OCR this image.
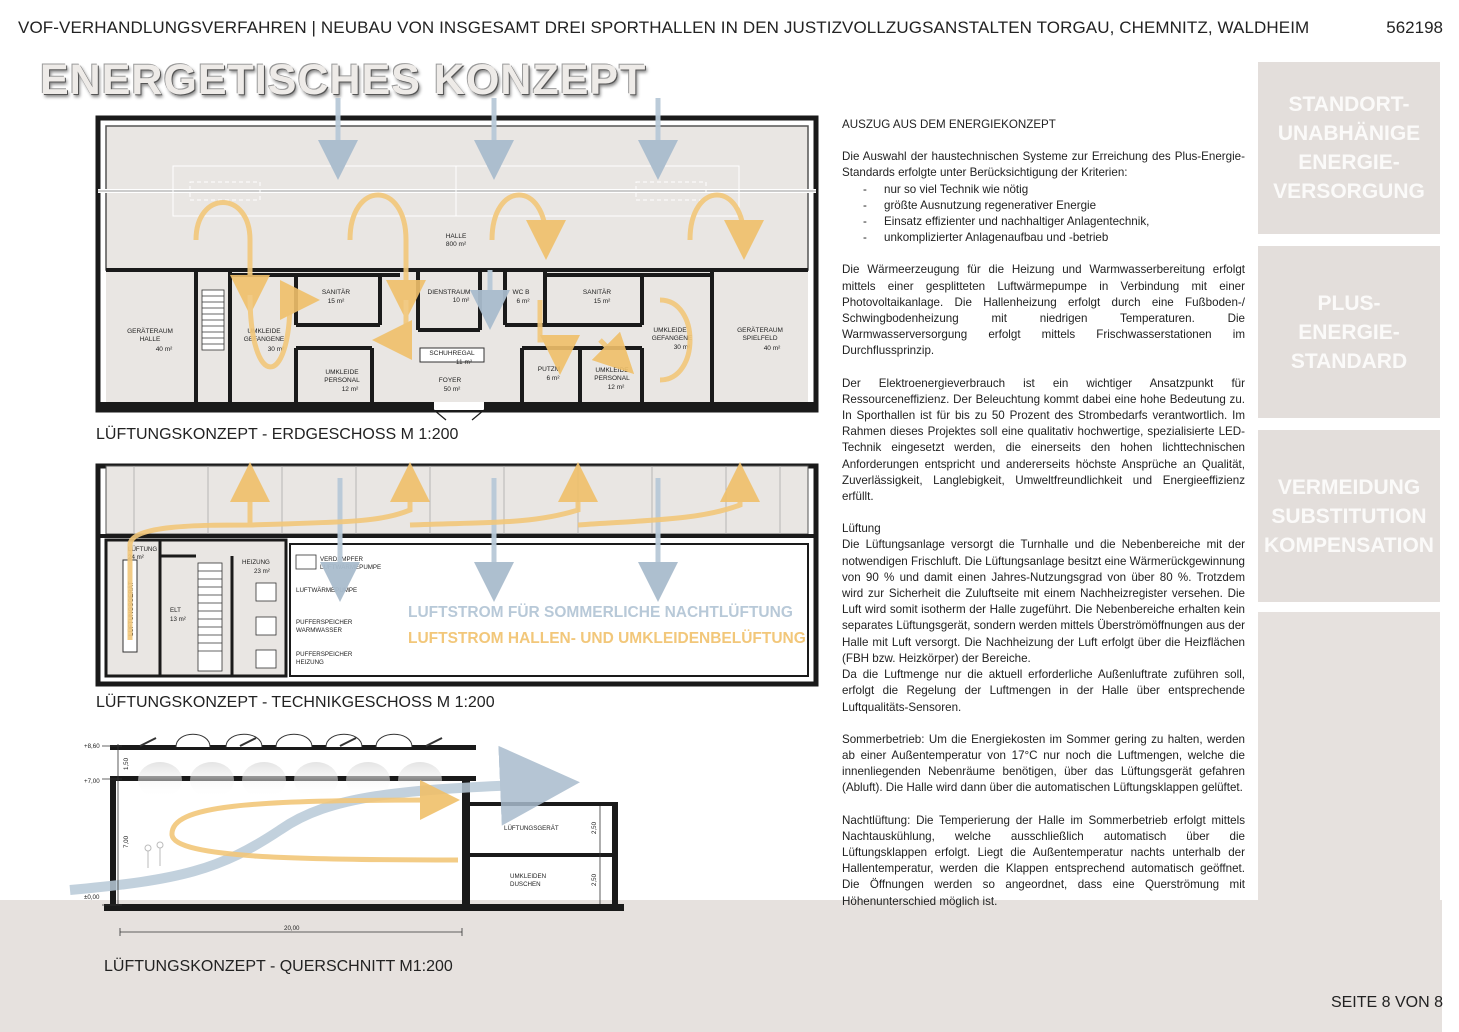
VOF-VERHANDLUNGSVERFAHREN | NEUBAU VON INSGESAMT DREI SPORTHALLEN IN DEN JUSTIZVOLLZUGSANSTALTEN TORGAU, CHEMNITZ, WALDHEIM	562198
ENERGETISCHES KONZEPT
STANDORT-
UNABHÄNIGE
ENERGIE-
VERSORGUNG
PLUS-
ENERGIE-
STANDARD
VERMEIDUNG
SUBSTITUTION
KOMPENSATION

AUSZUG AUS DEM ENERGIEKONZEPT

Die Auswahl der haustechnischen Systeme zur Erreichung des Plus-Energie-Standards erfolgte unter Berücksichtigung der Kriterien:

- nur so viel Technik wie nötig
- größte Ausnutzung regenerativer Energie
- Einsatz effizienter und nachhaltiger Anlagentechnik,
- unkomplizierter Anlagenaufbau und -betrieb

Die Wärmeerzeugung für die Heizung und Warmwasserbereitung erfolgt mittels einer gesplitteten Luftwärmepumpe in Verbindung mit einer Photovoltaikanlage. Die Hallenheizung erfolgt durch eine Fußboden-/ Schwingbodenheizung mit niedrigen Temperaturen. Die Warmwasserversorgung erfolgt mittels Frischwasserstationen im Durchflussprinzip.

Der Elektroenergieverbrauch ist ein wichtiger Ansatzpunkt für Ressourceneffizienz. Der Beleuchtung kommt dabei eine hohe Bedeutung zu. In Sporthallen ist für bis zu 50 Prozent des Strombedarfs verantwortlich. Im Rahmen dieses Projektes soll eine qualitativ hochwertige, spezialisierte LED-Technik eingesetzt werden, die einerseits den hohen lichttechnischen Anforderungen entspricht und andererseits höchste Ansprüche an Qualität, Zuverlässigkeit, Langlebigkeit, Umweltfreundlichkeit und Energieeffizienz erfüllt.

Lüftung

Die Lüftungsanlage versorgt die Turnhalle und die Nebenbereiche mit der notwendigen Frischluft. Die Lüftungsanlage besitzt eine Wärmerückgewinnung von 90 % und damit einen Jahres-Nutzungsgrad von über 80 %. Trotzdem wird zur Sicherheit die Zuluftseite mit einem Nachheizregister versehen. Die Luft wird somit isotherm der Halle zugeführt. Die Nebenbereiche erhalten kein separates Lüftungsgerät, sondern werden mittels Überströmöffnungen aus der Halle mit Luft versorgt. Die Nachheizung der Luft erfolgt über die Heizflächen (FBH bzw. Heizkörper) der Bereiche.

Da die Luftmenge nur die aktuell erforderliche Außenluftrate zuführen soll, erfolgt die Regelung der Luftmengen in der Halle über entsprechende Luftqualitäts-Sensoren.

Sommerbetrieb: Um die Energiekosten im Sommer gering zu halten, werden ab einer Außentemperatur von 17°C nur noch die Luftmengen, welche die innenliegenden Nebenräume benötigen, über das Lüftungsgerät gefahren (Abluft). Die Halle wird dann über die automatischen Lüftungsklappen gelüftet.

Nachtlüftung: Die Temperierung der Halle im Sommerbetrieb erfolgt mittels Nachtauskühlung, welche ausschließlich automatisch über die Lüftungsklappen erfolgt. Liegt die Außentemperatur nachts unterhalb der Hallentemperatur, werden die Klappen entsprechend automatisch geöffnet. Die Öffnungen werden so angeordnet, dass eine Querströmung mit Höhenunterschied möglich ist.

HALLE
800 m²
GERÄTERAUM
HALLE
40 m²
UMKLEIDE
GEFANGENE
30 m²
SANITÄR
15 m²
UMKLEIDE
PERSONAL
12 m²
DIENSTRAUM
10 m²
SCHUHREGAL
11 m²
FOYER
50 m²
WC B
6 m²
SANITÄR
15 m²
PUTZM
6 m²
UMKLEIDE
PERSONAL
12 m²
UMKLEIDE
GEFANGENE
30 m²
GERÄTERAUM
SPIELFELD
40 m²
LÜFTUNG
24 m²
LÜFTUNGSGERÄT	ELT
13 m²
HEIZUNG
23 m²
VERDAMPFER
LUFTWÄRMEPUMPE
LUFTWÄRMEPUMPE
PUFFERSPEICHER
WARMWASSER
PUFFERSPEICHER
HEIZUNG
LUFTSTROM FÜR SOMMERLICHE NACHTLÜFTUNG
LUFTSTROM HALLEN- UND UMKLEIDENBELÜFTUNG
+8,60
+7,00
±0,00
1,50
7,00
2,50
2,50
20,00
LÜFTUNGSGERÄT
UMKLEIDEN
DUSCHEN
LÜFTUNGSKONZEPT - ERDGESCHOSS M 1:200
LÜFTUNGSKONZEPT - TECHNIKGESCHOSS M 1:200
LÜFTUNGSKONZEPT - QUERSCHNITT M1:200
SEITE 8 VON 8
